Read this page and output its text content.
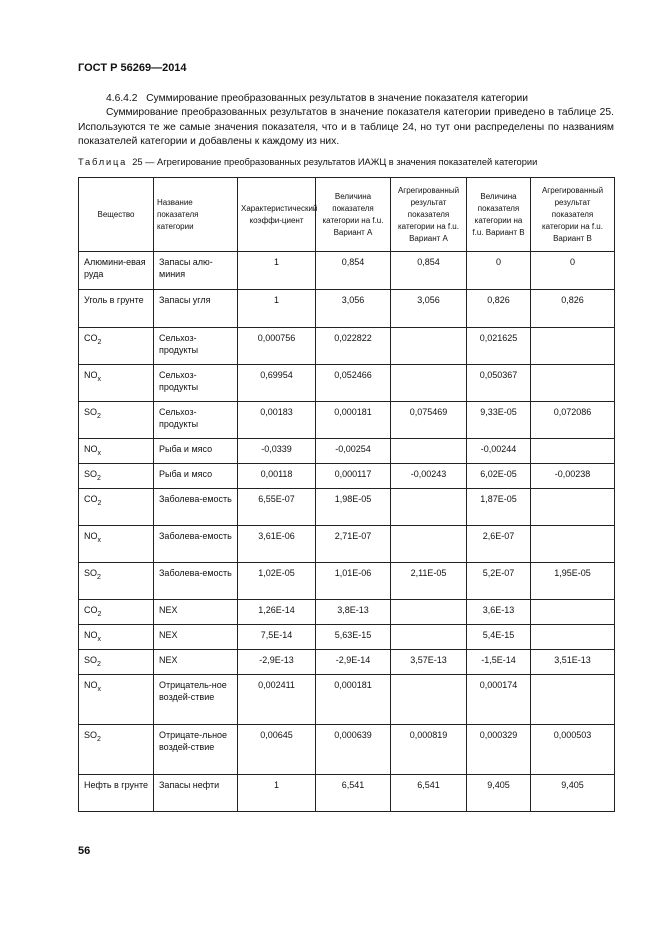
ГОСТ Р 56269—2014
4.6.4.2 Суммирование преобразованных результатов в значение показателя категории
Суммирование преобразованных результатов в значение показателя категории приведено в таблице 25. Используются те же самые значения показателя, что и в таблице 24, но тут они распределены по названиям показателей категории и добавлены к каждому из них.
Таблица 25 — Агрегирование преобразованных результатов ИАЖЦ в значения показателей категории
Вещество	Название показателя категории	Характеристический коэффи-циент	Величина показателя категории на f.u. Вариант А	Агрегированный результат показателя категории на f.u. Вариант А	Величина показателя категории на f.u. Вариант В	Агрегированный результат показателя категории на f.u. Вариант В
Алюмини-евая руда	Запасы алю-миния	1	0,854	0,854	0	0
Уголь в грунте	Запасы угля	1	3,056	3,056	0,826	0,826
$CO_2$	Сельхоз-продукты	0,000756	0,022822		0,021625	
$NO_x$	Сельхоз-продукты	0,69954	0,052466		0,050367	
$SO_2$	Сельхоз-продукты	0,00183	0,000181	0,075469	9,33E-05	0,072086
$NO_x$	Рыба и мясо	-0,0339	-0,00254		-0,00244	
$SO_2$	Рыба и мясо	0,00118	0,000117	-0,00243	6,02E-05	-0,00238
$CO_2$	Заболева-емость	6,55E-07	1,98E-05		1,87E-05	
$NO_x$	Заболева-емость	3,61E-06	2,71E-07		2,6E-07	
$SO_2$	Заболева-емость	1,02E-05	1,01E-06	2,11E-05	5,2E-07	1,95E-05
$CO_2$	NEX	1,26E-14	3,8E-13		3,6E-13	
$NO_x$	NEX	7,5E-14	5,63E-15		5,4E-15	
$SO_2$	NEX	-2,9E-13	-2,9E-14	3,57E-13	-1,5E-14	3,51E-13
$NO_x$	Отрицатель-ное воздей-ствие	0,002411	0,000181		0,000174	
$SO_2$	Отрицате-льное воздей-ствие	0,00645	0,000639	0,000819	0,000329	0,000503
Нефть в грунте	Запасы нефти	1	6,541	6,541	9,405	9,405
56
